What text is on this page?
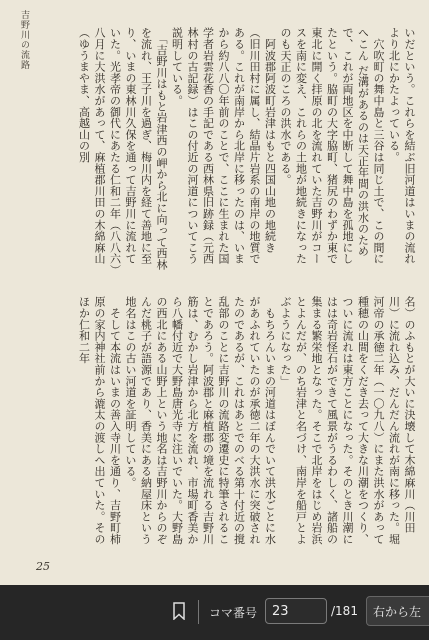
吉野川の流路	いだという。これらを結ぶ旧河道はいまの流れより北にかたよっている。
　穴吹町の舞中島と三谷は同じ土で、この間にへこん だ溝があるのは天正年間の洪水のためで、これが両地区を中断して舞中島を孤地にしたという。脇町の大字脇町、猪尻のわずか東で東北に開く拝原の北を流れていた吉野川がコースを南に変え、これらの土地が地続きになったのも天正のころの洪水である。
　阿波郡阿波町岩津はもと四国山地の地続き（旧川田村に属し、結晶片岩系の南岸の地質である。これが南岸から北岸に移ったのは、いまから約八八〇年前のことで、ここに生まれた国学者岩雲花香の手記である西林県旧跡録（元西林村の古記録）はこの付近の河道についてこう説明している。
　「吉野川はもと岩津西の岬から北に向って西林を流れ、王子川を過ぎ、梅川内を経て善地に至り、いまの東林川久保を通って吉野川に流れていた。光孝帝の御代にあたる仁和二年（八八六）八月に大洪水があって、麻植郡川田の木綿麻山（ゆうまやま、高越山の別
名）のふもとが大いに決壊して木綿麻川（川田川）に流れ込み、だんだん流れが南に移った。堀河帝の承徳二年（一〇九八）にまた洪水があって種穂の山間をくだき去って大きな川潮をつくり、ついに流れは東方ことになった。そのとき川潮にはは奇岩怪石ができて風景がうるわしく、諸船の集まる繁栄地となった。そこで北岸をはじめ岩浜とよんだが、のち岩津と名づけ、南岸を船戸とよぶようになった」
　もちろんいまの河道はぼんでいて洪水ごとに水があふれていたのが承徳二年の大洪水に突破されたのであるが、これはあとでのべる第十付近の撹乱部のことに吉野川の流路変遷史に特筆されることであろう。阿波郡と麻植郡の境を流れる吉野川筋は、むかし岩津から北方を流れ、市場町香美から八幡付近で大野島唐光寺に注いでいた。大野島の西北にある山野上という地名は吉野川からのぞんだ桃子が語源であり、香美にある納屋床という地名はこの古い河道を証明している。
　そして本流はいまの善入寺川を通り、吉野町柿原の家内神社前から漉太の渡しへ出ていた。そのほか仁和二年
25
コマ番号
23	/181	右から左
